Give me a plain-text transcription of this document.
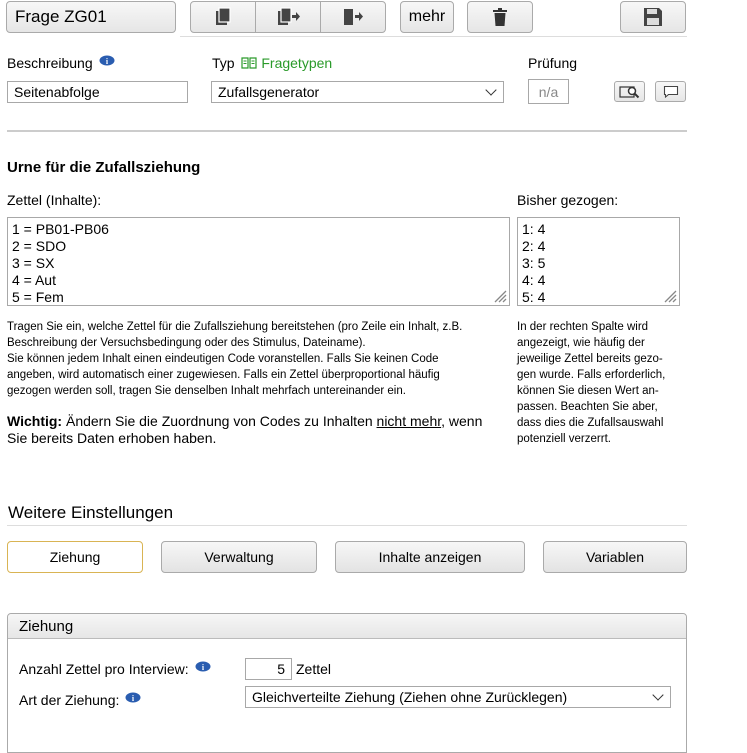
Frage ZG01	mehr
Beschreibung i
Seitenabfolge
Typ Fragetypen
Zufallsgenerator
Prüfung
n/a
Urne für die Zufallsziehung
Zettel (Inhalte):
1 = PB01-PB06
2 = SDO
3 = SX
4 = Aut
5 = Fem
Bisher gezogen:
1: 4
2: 4
3: 5
4: 4
5: 4
Tragen Sie ein, welche Zettel für die Zufallsziehung bereitstehen (pro Zeile ein Inhalt, z.B.
Beschreibung der Versuchsbedingung oder des Stimulus, Dateiname).
Sie können jedem Inhalt einen eindeutigen Code voranstellen. Falls Sie keinen Code
angeben, wird automatisch einer zugewiesen. Falls ein Zettel überproportional häufig
gezogen werden soll, tragen Sie denselben Inhalt mehrfach untereinander ein.
Wichtig: Ändern Sie die Zuordnung von Codes zu Inhalten nicht mehr, wenn
Sie bereits Daten erhoben haben.
In der rechten Spalte wird
angezeigt, wie häufig der
jeweilige Zettel bereits gezo-
gen wurde. Falls erforderlich,
können Sie diesen Wert an-
passen. Beachten Sie aber,
dass dies die Zufallsauswahl
potenziell verzerrt.
Weitere Einstellungen
Ziehung	Verwaltung	Inhalte anzeigen	Variablen
Ziehung
Anzahl Zettel pro Interview: i	5 Zettel
Art der Ziehung: i	Gleichverteilte Ziehung (Ziehen ohne Zurücklegen)
